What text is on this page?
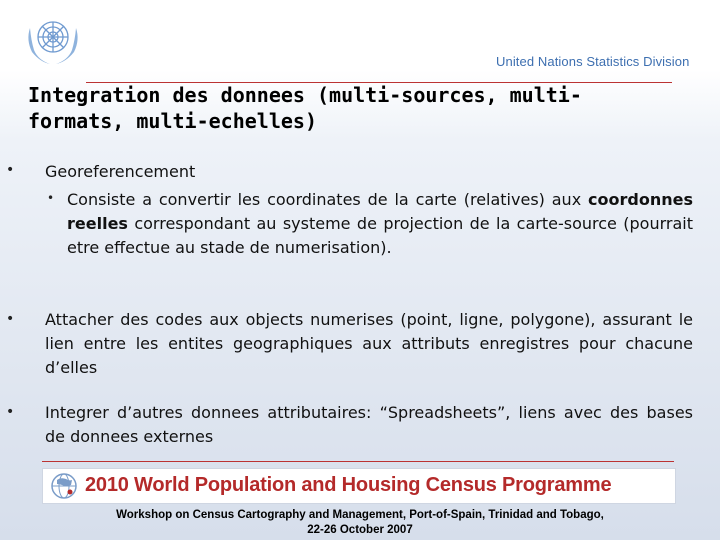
United Nations Statistics Division
Integration des donnees (multi-sources, multi-
formats, multi-echelles)
• Georeferencement

• Consiste a convertir les coordinates de la carte (relatives) aux coordonnes reelles correspondant au systeme de projection de la carte-source (pourrait etre effectue au stade de numerisation).

• Attacher des codes aux objects numerises (point, ligne, polygone), assurant le lien entre les entites geographiques aux attributs enregistres pour chacune d’elles

• Integrer d’autres donnees attributaires: “Spreadsheets”, liens avec des bases de donnees externes

2010 World Population and Housing Census Programme
Workshop on Census Cartography and Management, Port-of-Spain, Trinidad and Tobago,
22-26 October 2007
